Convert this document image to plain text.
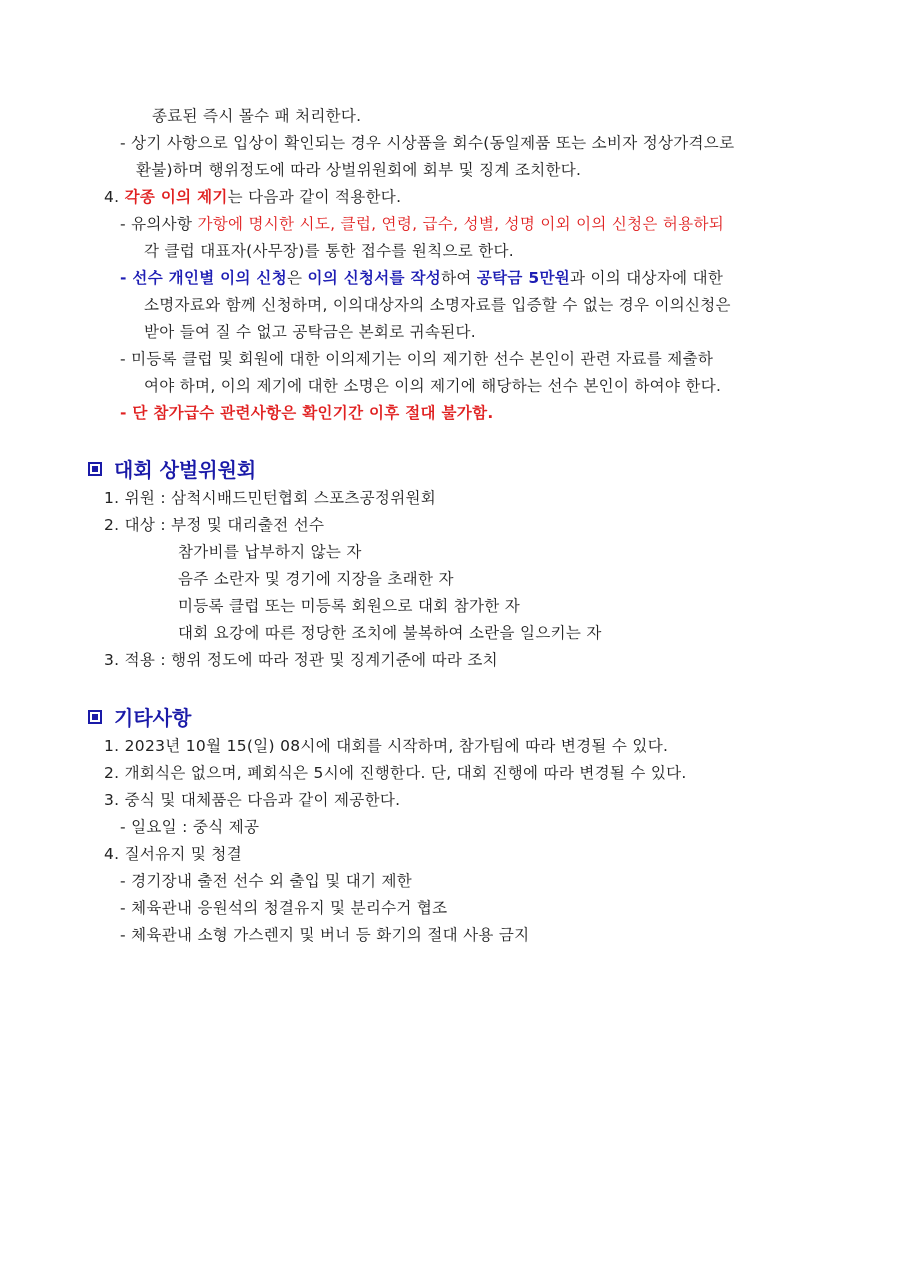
종료된 즉시 몰수 패 처리한다.
- 상기 사항으로 입상이 확인되는 경우 시상품을 회수(동일제품 또는 소비자 정상가격으로
환불)하며 행위정도에 따라 상벌위원회에 회부 및 징계 조치한다.
4. 각종 이의 제기는 다음과 같이 적용한다.
- 유의사항 가항에 명시한 시도, 클럽, 연령, 급수, 성별, 성명 이외 이의 신청은 허용하되
각 클럽 대표자(사무장)를 통한 접수를 원칙으로 한다.
- 선수 개인별 이의 신청은 이의 신청서를 작성하여 공탁금 5만원과 이의 대상자에 대한
소명자료와 함께 신청하며, 이의대상자의 소명자료를 입증할 수 없는 경우 이의신청은
받아 들여 질 수 없고 공탁금은 본회로 귀속된다.
- 미등록 클럽 및 회원에 대한 이의제기는 이의 제기한 선수 본인이 관련 자료를 제출하
여야 하며, 이의 제기에 대한 소명은 이의 제기에 해당하는 선수 본인이 하여야 한다.
- 단 참가급수 관련사항은 확인기간 이후 절대 불가함.
대회 상벌위원회
1. 위원 : 삼척시배드민턴협회 스포츠공정위원회
2. 대상 : 부정 및 대리출전 선수
참가비를 납부하지 않는 자
음주 소란자 및 경기에 지장을 초래한 자
미등록 클럽 또는 미등록 회원으로 대회 참가한 자
대회 요강에 따른 정당한 조치에 불복하여 소란을 일으키는 자
3. 적용 : 행위 정도에 따라 정관 및 징계기준에 따라 조치
기타사항
1. 2023년 10월 15(일) 08시에 대회를 시작하며, 참가팀에 따라 변경될 수 있다.
2. 개회식은 없으며, 폐회식은 5시에 진행한다. 단, 대회 진행에 따라 변경될 수 있다.
3. 중식 및 대체품은 다음과 같이 제공한다.
- 일요일 : 중식 제공
4. 질서유지 및 청결
- 경기장내 출전 선수 외 출입 및 대기 제한
- 체육관내 응원석의 청결유지 및 분리수거 협조
- 체육관내 소형 가스렌지 및 버너 등 화기의 절대 사용 금지
